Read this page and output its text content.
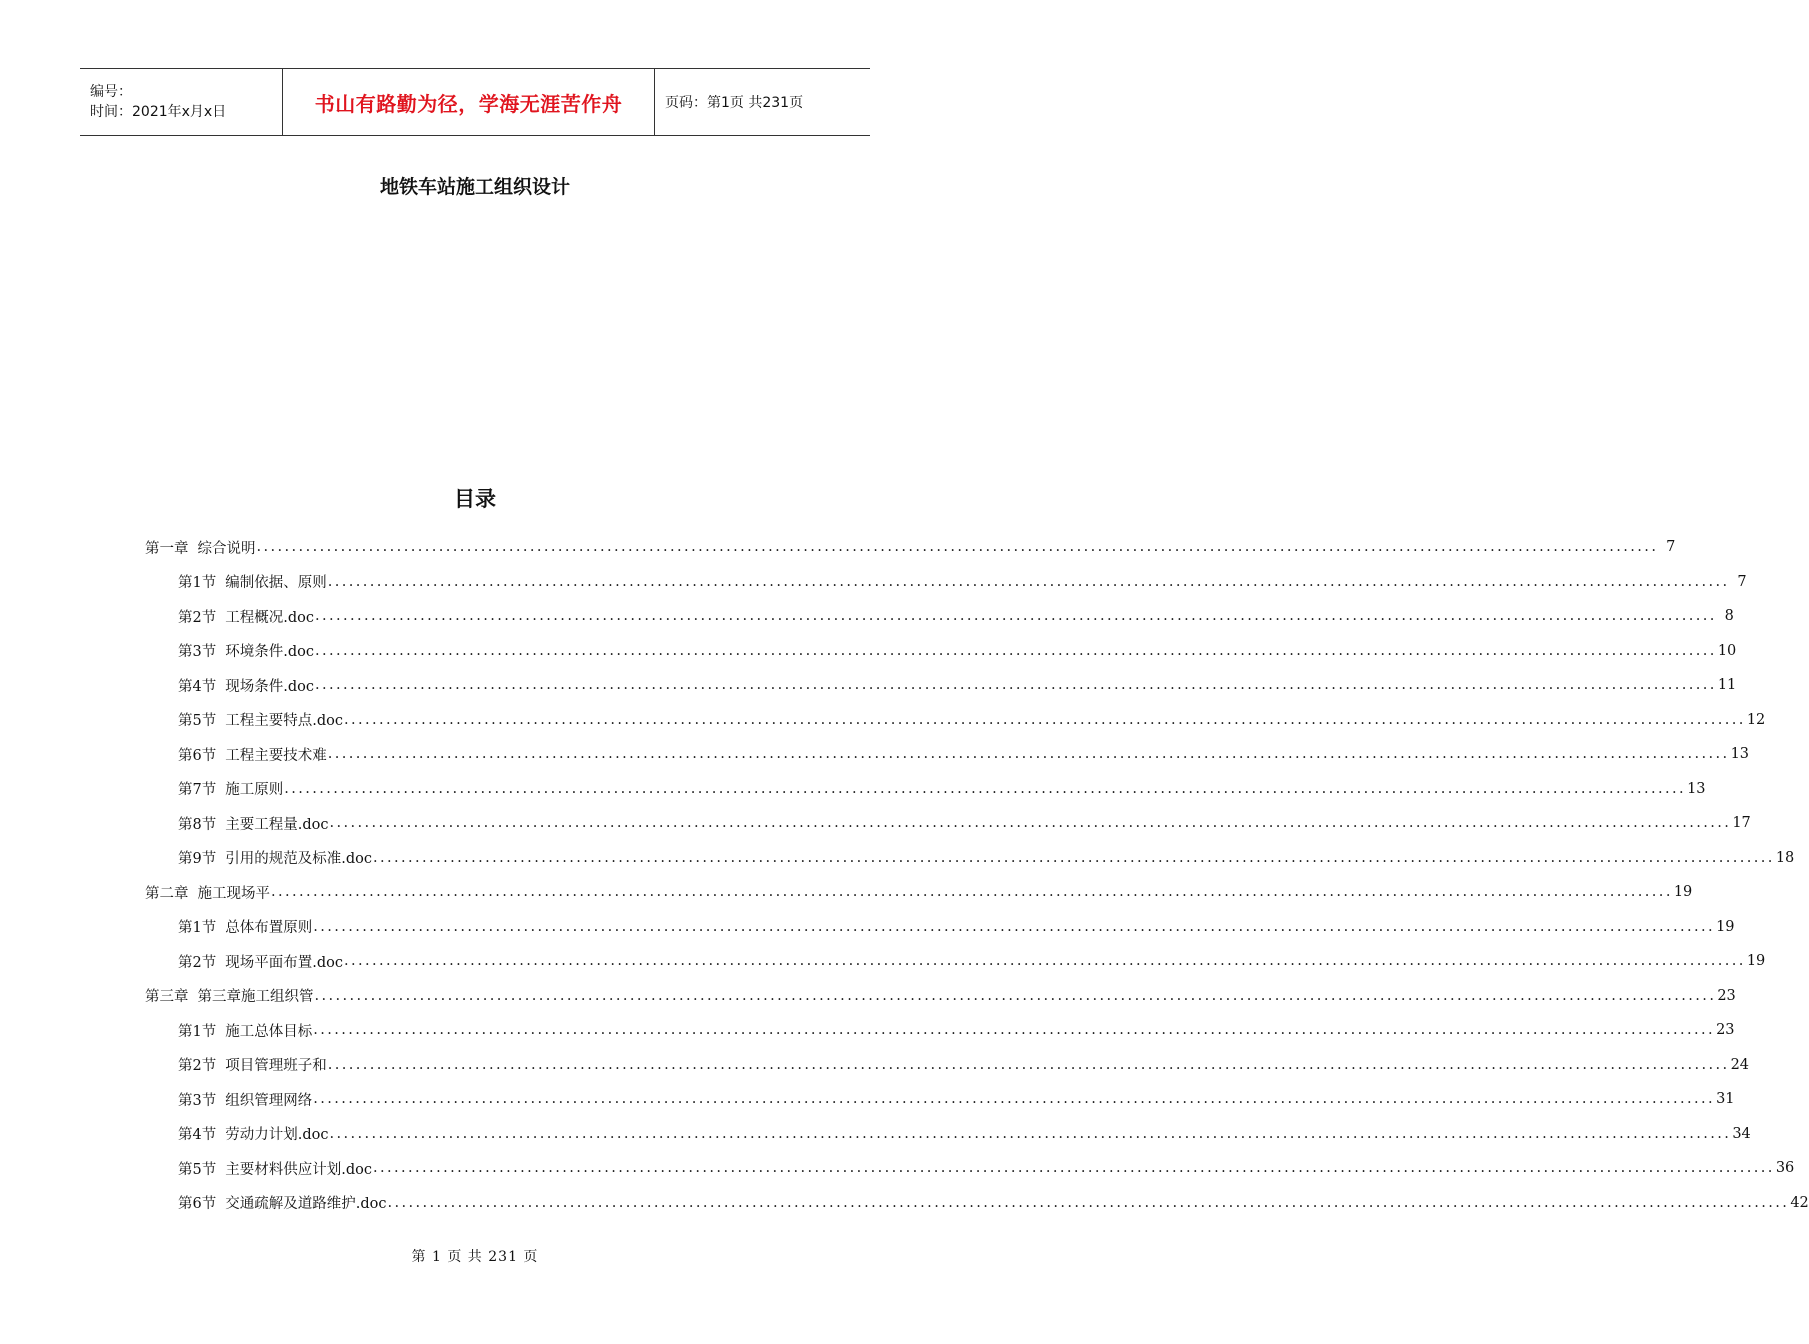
编号：
时间：2021年x月x日	书山有路勤为径，学海无涯苦作舟	页码：第1页 共231页
地铁车站施工组织设计
目录
第一章 综合说明 ........................................................................................................................................................................................................ 7
第1节 编制依据、原则 ........................................................................................................................................................................................................ 7
第2节 工程概况.doc ........................................................................................................................................................................................................ 8
第3节 环境条件.doc ........................................................................................................................................................................................................ 10
第4节 现场条件.doc ........................................................................................................................................................................................................ 11
第5节 工程主要特点.doc ........................................................................................................................................................................................................ 12
第6节 工程主要技术难 ........................................................................................................................................................................................................ 13
第7节 施工原则 ........................................................................................................................................................................................................ 13
第8节 主要工程量.doc ........................................................................................................................................................................................................ 17
第9节 引用的规范及标准.doc ........................................................................................................................................................................................................ 18
第二章 施工现场平 ........................................................................................................................................................................................................ 19
第1节 总体布置原则 ........................................................................................................................................................................................................ 19
第2节 现场平面布置.doc ........................................................................................................................................................................................................ 19
第三章 第三章施工组织管 ........................................................................................................................................................................................................ 23
第1节 施工总体目标 ........................................................................................................................................................................................................ 23
第2节 项目管理班子和 ........................................................................................................................................................................................................ 24
第3节 组织管理网络 ........................................................................................................................................................................................................ 31
第4节 劳动力计划.doc ........................................................................................................................................................................................................ 34
第5节 主要材料供应计划.doc ........................................................................................................................................................................................................ 36
第6节 交通疏解及道路维护.doc ........................................................................................................................................................................................................ 42
第 1 页 共 231 页
